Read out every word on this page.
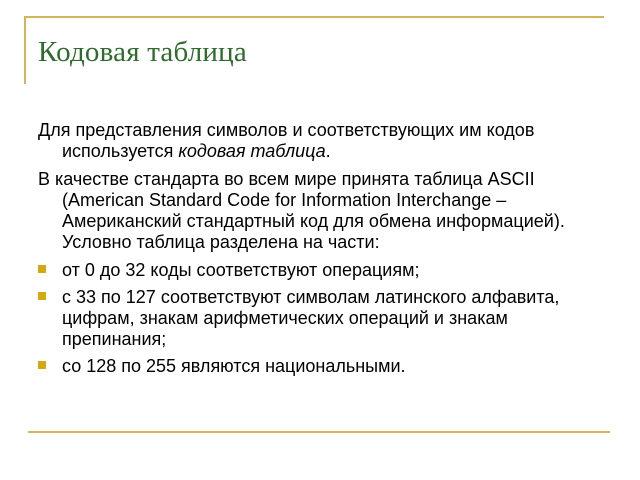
Кодовая таблица

Для представления символов и соответствующих им кодов используется кодовая таблица.

В качестве стандарта во всем мире принята таблица ASCII (American Standard Code for Information Interchange – Американский стандартный код для обмена информацией). Условно таблица разделена на части:

от 0 до 32 коды соответствуют операциям;
с 33 по 127 соответствуют символам латинского алфавита, цифрам, знакам арифметических операций и знакам препинания;
со 128 по 255 являются национальными.
